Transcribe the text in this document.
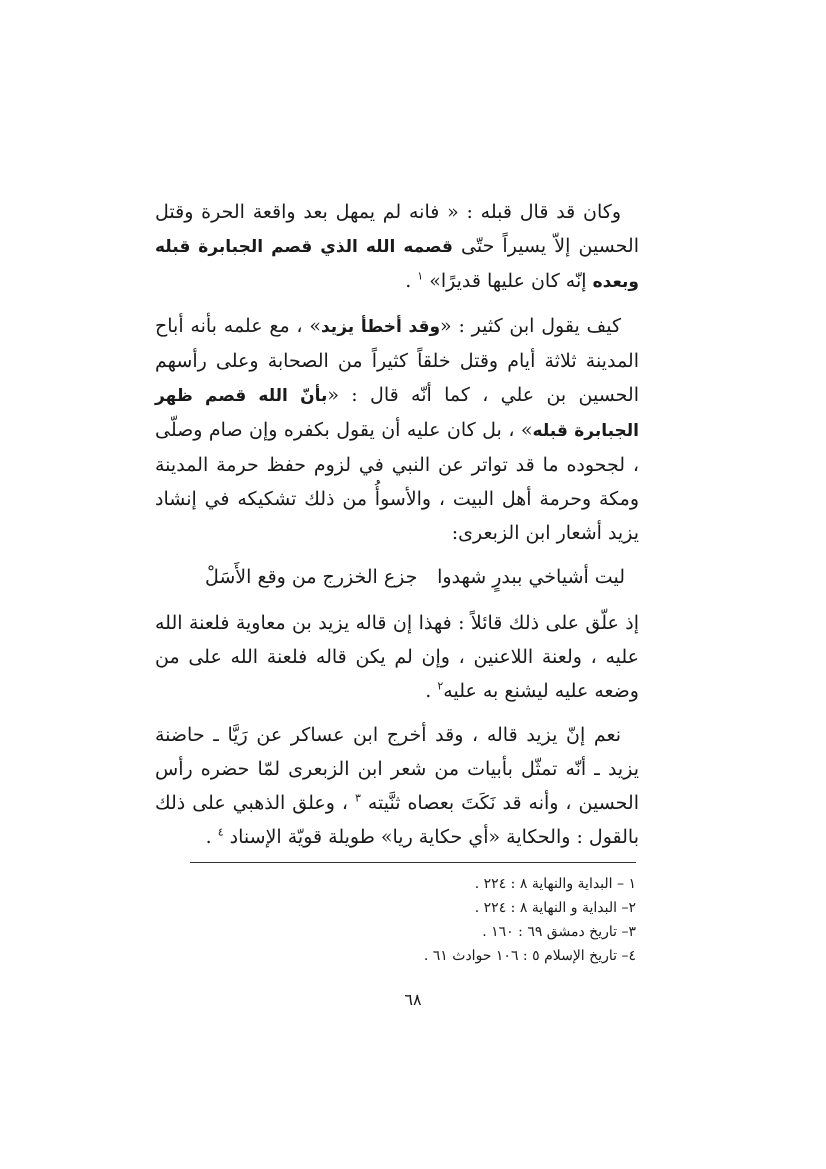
وكان قد قال قبله : « فانه لم يمهل بعد واقعة الحرة وقتل الحسين إلاّ يسيراً حتّى قصمه الله الذي قصم الجبابرة قبله وبعده إنّه كان عليها قديرًا» $^١$ .

كيف يقول ابن كثير : «وقد أخطأ يزيد» ، مع علمه بأنه أباح المدينة ثلاثة أيام وقتل خلقاً كثيراً من الصحابة وعلى رأسهم الحسين بن علي ، كما أنّه قال : «بأنّ الله قصم ظهر الجبابرة قبله» ، بل كان عليه أن يقول بكفره وإن صام وصلّى ، لجحوده ما قد تواتر عن النبي في لزوم حفظ حرمة المدينة ومكة وحرمة أهل البيت ، والأسوأُ من ذلك تشكيكه في إنشاد يزيد أشعار ابن الزبعرى:

ليت أشياخي ببدرٍ شهدوا
جزع الخزرج من وقع الأَسَلْ

إذ علّق على ذلك قائلاً : فهذا إن قاله يزيد بن معاوية فلعنة الله عليه ، ولعنة اللاعنين ، وإن لم يكن قاله فلعنة الله على من وضعه عليه ليشنع به عليه$^٢$ .

نعم إنّ يزيد قاله ، وقد أخرج ابن عساكر عن رَيَّا ـ حاضنة يزيد ـ أنّه تمثّل بأبيات من شعر ابن الزبعرى لمّا حضره رأس الحسين ، وأنه قد نَكَتَ بعصاه ثنَّيته $^٣$ ، وعلق الذهبي على ذلك بالقول : والحكاية «أي حكاية ريا» طويلة قويّة الإسناد $^٤$ .

١ – البداية والنهاية ٨ : ٢٢٤ .

٢– البداية و النهاية ٨ : ٢٢٤ .

٣– تاريخ دمشق ٦٩ : ١٦٠ .

٤– تاريخ الإسلام ٥ : ١٠٦ حوادث ٦١ .

٦٨
